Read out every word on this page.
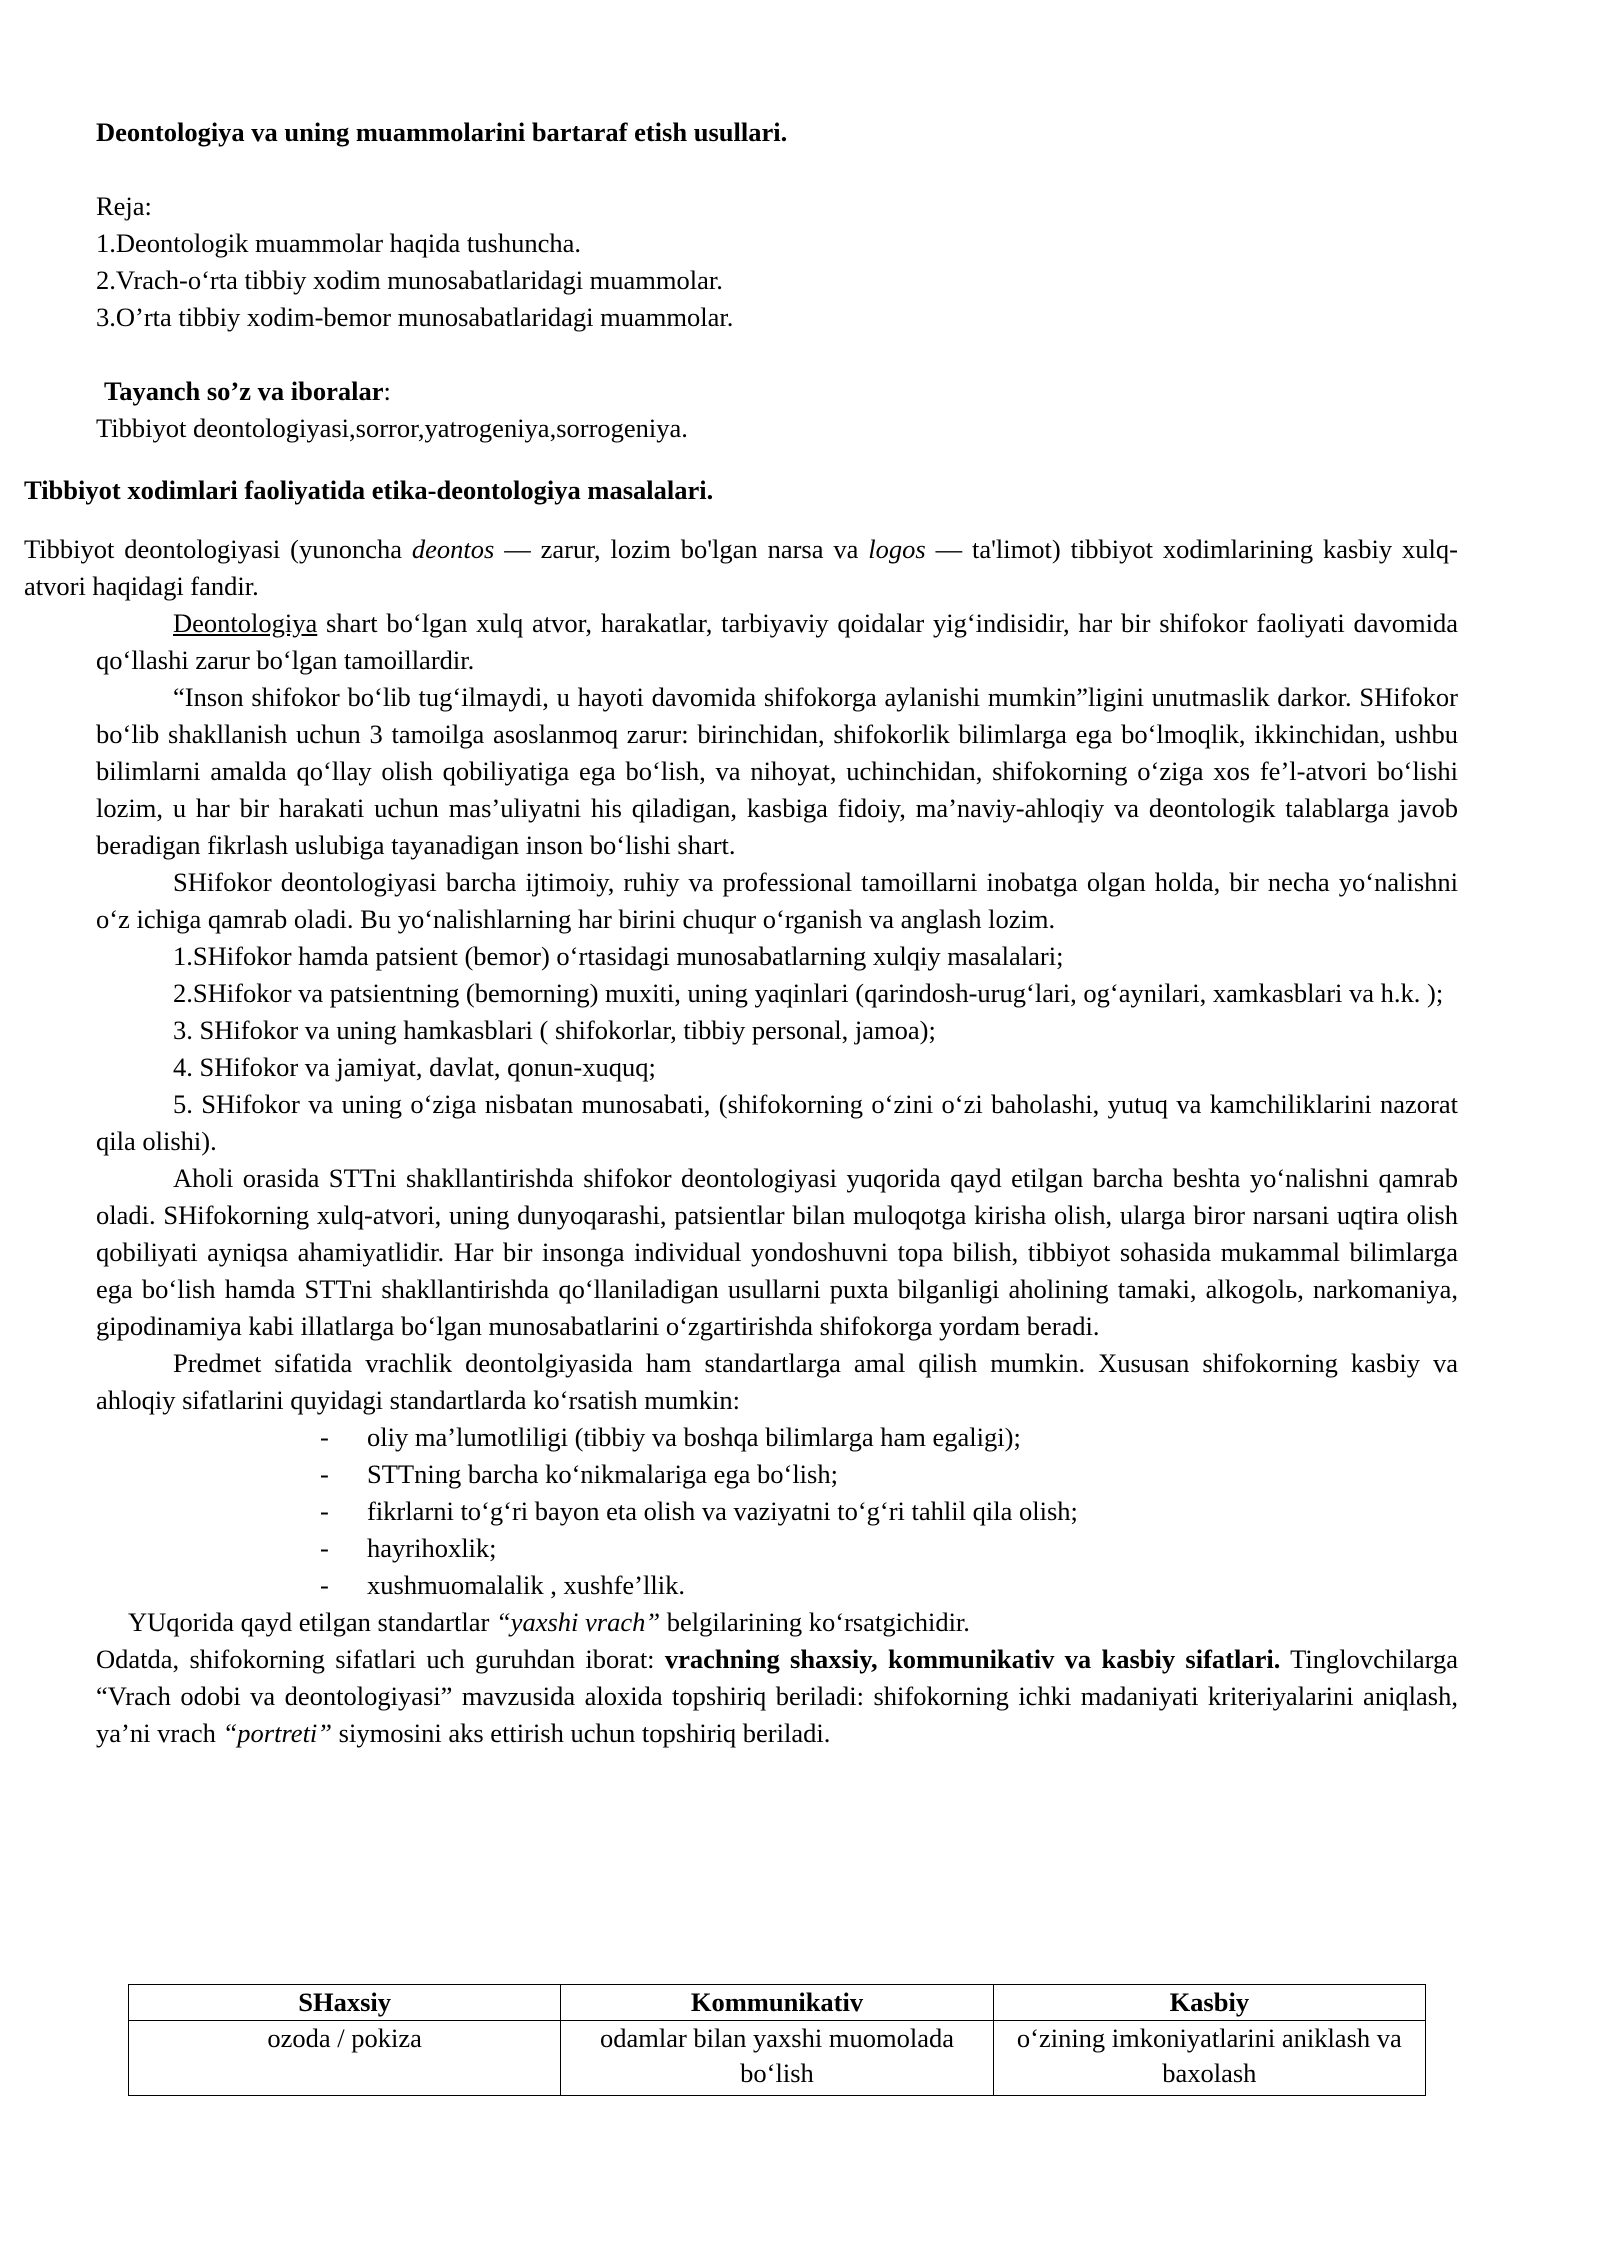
Deontologiya va uning muammolarini bartaraf etish usullari.
Reja:
1.Deontologik muammolar haqida tushuncha.
2.Vrach-o‘rta tibbiy xodim munosabatlaridagi muammolar.
3.O’rta tibbiy xodim-bemor munosabatlaridagi muammolar.
Tayanch so’z va iboralar:
Tibbiyot deontologiyasi,sorror,yatrogeniya,sorrogeniya.
Tibbiyot xodimlari faoliyatida etika-deontologiya masalalari.

Tibbiyot deontologiyasi (yunoncha deontos — zarur, lozim bo'lgan narsa va logos — ta'limot) tibbiyot xodimlarining kasbiy xulq-atvori haqidagi fandir.

Deontologiya shart bo‘lgan xulq atvor, harakatlar, tarbiyaviy qoidalar yig‘indisidir, har bir shifokor faoliyati davomida qo‘llashi zarur bo‘lgan tamoillardir.

“Inson shifokor bo‘lib tug‘ilmaydi, u hayoti davomida shifokorga aylanishi mumkin”ligini unutmaslik darkor. SHifokor bo‘lib shakllanish uchun 3 tamoilga asoslanmoq zarur: birinchidan, shifokorlik bilimlarga ega bo‘lmoqlik, ikkinchidan, ushbu bilimlarni amalda qo‘llay olish qobiliyatiga ega bo‘lish, va nihoyat, uchinchidan, shifokorning o‘ziga xos fe’l-atvori bo‘lishi lozim, u har bir harakati uchun mas’uliyatni his qiladigan, kasbiga fidoiy, ma’naviy-ahloqiy va deontologik talablarga javob beradigan fikrlash uslubiga tayanadigan inson bo‘lishi shart.

SHifokor deontologiyasi barcha ijtimoiy, ruhiy va professional tamoillarni inobatga olgan holda, bir necha yo‘nalishni o‘z ichiga qamrab oladi. Bu yo‘nalishlarning har birini chuqur o‘rganish va anglash lozim.

1.SHifokor hamda patsient (bemor) o‘rtasidagi munosabatlarning xulqiy masalalari;

2.SHifokor va patsientning (bemorning) muxiti, uning yaqinlari (qarindosh-urug‘lari, og‘aynilari, xamkasblari va h.k. );

3. SHifokor va uning hamkasblari ( shifokorlar, tibbiy personal, jamoa);

4. SHifokor va jamiyat, davlat, qonun-xuquq;

5. SHifokor va uning o‘ziga nisbatan munosabati, (shifokorning o‘zini o‘zi baholashi, yutuq va kamchiliklarini nazorat qila olishi).

Aholi orasida STTni shakllantirishda shifokor deontologiyasi yuqorida qayd etilgan barcha beshta yo‘nalishni qamrab oladi. SHifokorning xulq-atvori, uning dunyoqarashi, patsientlar bilan muloqotga kirisha olish, ularga biror narsani uqtira olish qobiliyati ayniqsa ahamiyatlidir. Har bir insonga individual yondoshuvni topa bilish, tibbiyot sohasida mukammal bilimlarga ega bo‘lish hamda STTni shakllantirishda qo‘llaniladigan usullarni puxta bilganligi aholining tamaki, alkogolь, narkomaniya, gipodinamiya kabi illatlarga bo‘lgan munosabatlarini o‘zgartirishda shifokorga yordam beradi.

Predmet sifatida vrachlik deontolgiyasida ham standartlarga amal qilish mumkin. Xususan shifokorning kasbiy va ahloqiy sifatlarini quyidagi standartlarda ko‘rsatish mumkin:

- oliy ma’lumotliligi (tibbiy va boshqa bilimlarga ham egaligi);
- STTning barcha ko‘nikmalariga ega bo‘lish;
- fikrlarni to‘g‘ri bayon eta olish va vaziyatni to‘g‘ri tahlil qila olish;
- hayrihoxlik;
- xushmuomalalik , xushfe’llik.

YUqorida qayd etilgan standartlar “yaxshi vrach” belgilarining ko‘rsatgichidir.

Odatda, shifokorning sifatlari uch guruhdan iborat: vrachning shaxsiy, kommunikativ va kasbiy sifatlari. Tinglovchilarga “Vrach odobi va deontologiyasi” mavzusida aloxida topshiriq beriladi: shifokorning ichki madaniyati kriteriyalarini aniqlash, ya’ni vrach “portreti” siymosini aks ettirish uchun topshiriq beriladi.

SHaxsiy	Kommunikativ	Kasbiy
ozoda / pokiza	odamlar bilan yaxshi muomolada bo‘lish	o‘zining imkoniyatlarini aniklash va baxolash
